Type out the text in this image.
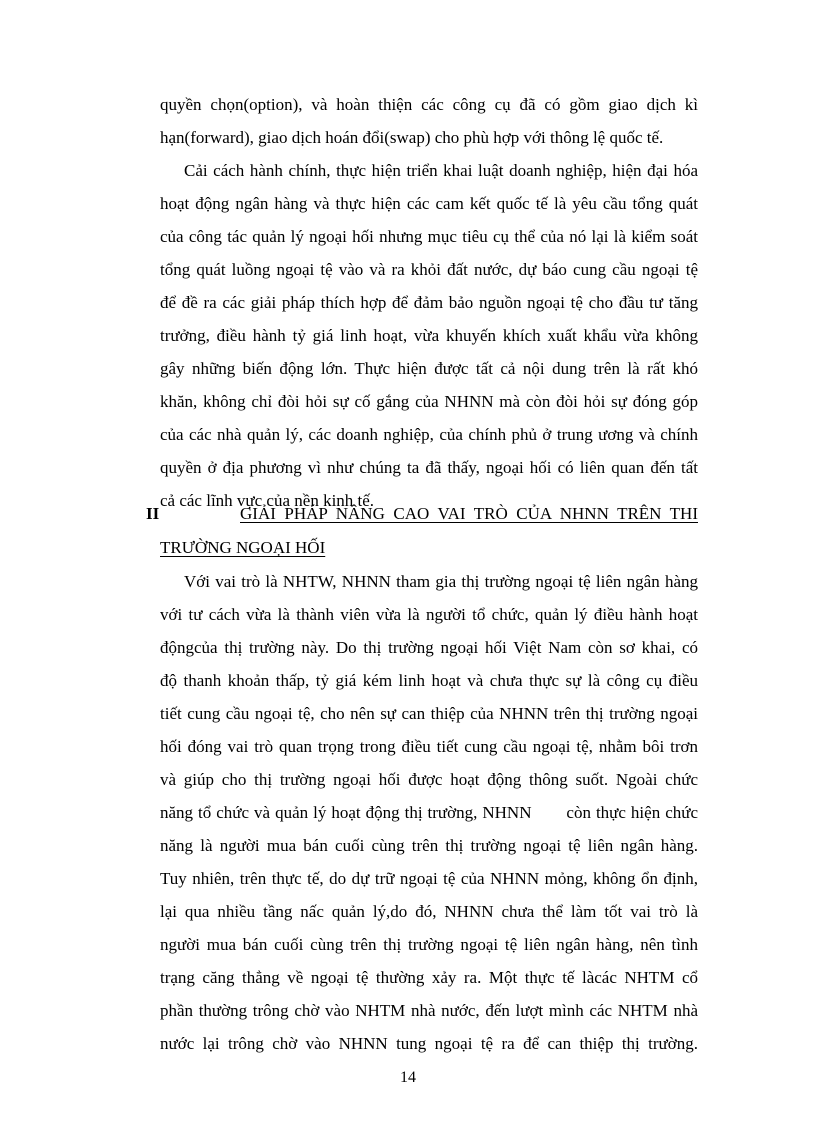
quyền chọn(option), và hoàn thiện các công cụ đã có gồm giao dịch kì
hạn(forward), giao dịch hoán đổi(swap) cho phù hợp với thông lệ quốc tế.
Cải cách hành chính, thực hiện triển khai luật doanh nghiệp, hiện đại hóa
hoạt động ngân hàng và thực hiện các cam kết quốc tế là yêu cầu tổng quát
của công tác quản lý ngoại hối nhưng mục tiêu cụ thể của nó lại là kiểm soát
tổng quát luồng ngoại tệ vào và ra khỏi đất nước, dự báo cung cầu ngoại tệ
để đề ra các giải pháp thích hợp để đảm bảo nguồn ngoại tệ cho đầu tư tăng
trưởng, điều hành tỷ giá linh hoạt, vừa khuyến khích xuất khẩu vừa không
gây những biến động lớn. Thực hiện được tất cả nội dung trên là rất khó
khăn, không chỉ đòi hỏi sự cố gắng của NHNN mà còn đòi hỏi sự đóng góp
của các nhà quản lý, các doanh nghiệp, của chính phủ ở trung ương và chính
quyền ở địa phương vì như chúng ta đã thấy, ngoại hối có liên quan đến tất
cả các lĩnh vực của nền kinh tế.
II	GIẢI PHÁP NÂNG CAO VAI TRÒ CỦA NHNN TRÊN THI
TRƯỜNG NGOẠI HỐI
Với vai trò là NHTW, NHNN tham gia thị trường ngoại tệ liên ngân hàng
với tư cách vừa là thành viên vừa là người tổ chức, quản lý điều hành hoạt
độngcủa thị trường này. Do thị trường ngoại hối Việt Nam còn sơ khai, có
độ thanh khoản thấp, tỷ giá kém linh hoạt và chưa thực sự là công cụ điều
tiết cung cầu ngoại tệ, cho nên sự can thiệp của NHNN trên thị trường ngoại
hối đóng vai trò quan trọng trong điều tiết cung cầu ngoại tệ, nhằm bôi trơn
và giúp cho thị trường ngoại hối được hoạt động thông suốt. Ngoài chức
năng tổ chức và quản lý hoạt động thị trường, NHNN       còn thực hiện chức
năng là người mua bán cuối cùng trên thị trường ngoại tệ liên ngân hàng.
Tuy nhiên, trên thực tế, do dự trữ ngoại tệ của NHNN mỏng, không ổn định,
lại qua nhiều tầng nấc quản lý,do đó, NHNN chưa thể làm tốt vai trò là
người mua bán cuối cùng trên thị trường ngoại tệ liên ngân hàng, nên tình
trạng căng thẳng về ngoại tệ thường xảy ra. Một thực tế làcác NHTM cổ
phần thường trông chờ vào NHTM nhà nước, đến lượt mình các NHTM nhà
nước lại trông chờ vào NHNN tung ngoại tệ ra để can thiệp thị trường.
14
